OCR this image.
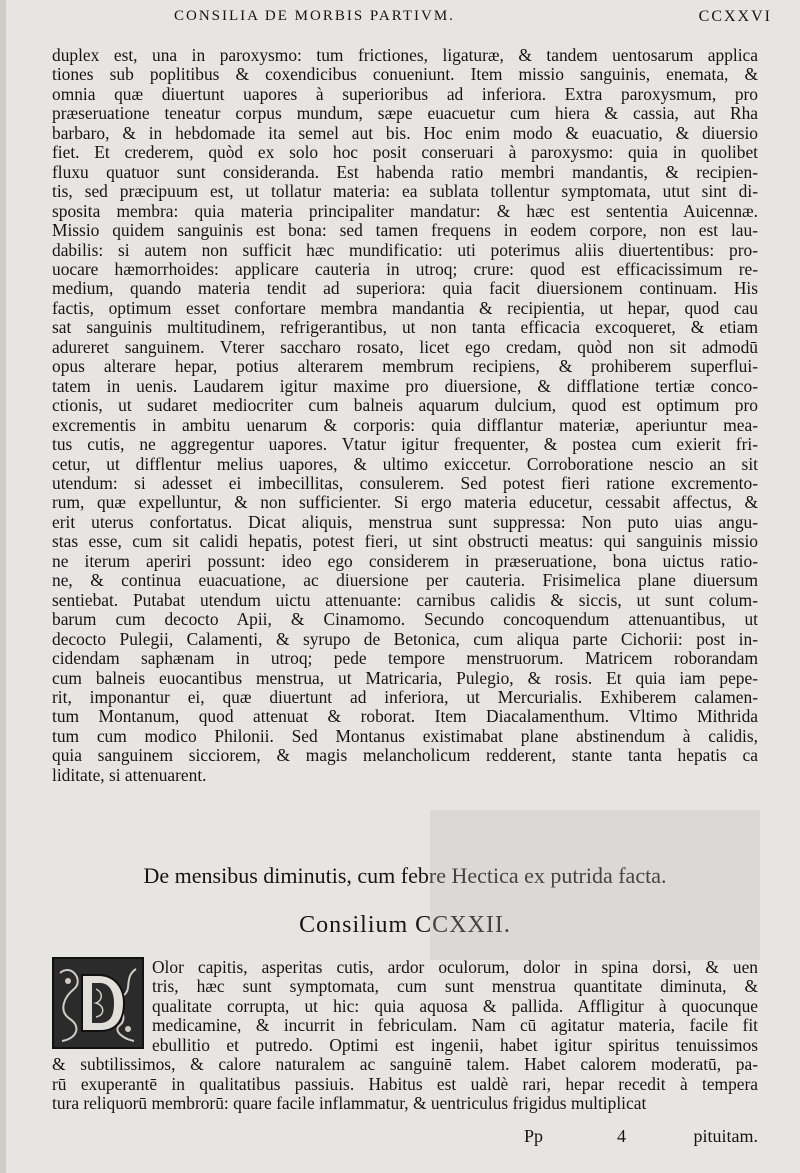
CONSILIA DE MORBIS PARTIVM.	CCXXVI
duplex est, una in paroxysmo: tum frictiones, ligaturæ, & tandem uentosarum applica
tiones sub poplitibus & coxendicibus conueniunt. Item missio sanguinis, enemata, &
omnia quæ diuertunt uapores à superioribus ad inferiora. Extra paroxysmum, pro
præseruatione teneatur corpus mundum, sæpe euacuetur cum hiera & cassia, aut Rha
barbaro, & in hebdomade ita semel aut bis. Hoc enim modo & euacuatio, & diuersio
fiet. Et crederem, quòd ex solo hoc posit conseruari à paroxysmo: quia in quolibet
fluxu quatuor sunt consideranda. Est habenda ratio membri mandantis, & recipien-
tis, sed præcipuum est, ut tollatur materia: ea sublata tollentur symptomata, utut sint di-
sposita membra: quia materia principaliter mandatur: & hæc est sententia Auicennæ.
Missio quidem sanguinis est bona: sed tamen frequens in eodem corpore, non est lau-
dabilis: si autem non sufficit hæc mundificatio: uti poterimus aliis diuertentibus: pro-
uocare hæmorrhoides: applicare cauteria in utroq; crure: quod est efficacissimum re-
medium, quando materia tendit ad superiora: quia facit diuersionem continuam. His
factis, optimum esset confortare membra mandantia & recipientia, ut hepar, quod cau
sat sanguinis multitudinem, refrigerantibus, ut non tanta efficacia excoqueret, & etiam
adureret sanguinem. Vterer saccharo rosato, licet ego credam, quòd non sit admodū
opus alterare hepar, potius alterarem membrum recipiens, & prohiberem superflui-
tatem in uenis. Laudarem igitur maxime pro diuersione, & difflatione tertiæ conco-
ctionis, ut sudaret mediocriter cum balneis aquarum dulcium, quod est optimum pro
excrementis in ambitu uenarum & corporis: quia difflantur materiæ, aperiuntur mea-
tus cutis, ne aggregentur uapores. Vtatur igitur frequenter, & postea cum exierit fri-
cetur, ut difflentur melius uapores, & ultimo exiccetur. Corroboratione nescio an sit
utendum: si adesset ei imbecillitas, consulerem. Sed potest fieri ratione excremento-
rum, quæ expelluntur, & non sufficienter. Si ergo materia educetur, cessabit affectus, &
erit uterus confortatus. Dicat aliquis, menstrua sunt suppressa: Non puto uias angu-
stas esse, cum sit calidi hepatis, potest fieri, ut sint obstructi meatus: qui sanguinis missio
ne iterum aperiri possunt: ideo ego considerem in præseruatione, bona uictus ratio-
ne, & continua euacuatione, ac diuersione per cauteria. Frisimelica plane diuersum
sentiebat. Putabat utendum uictu attenuante: carnibus calidis & siccis, ut sunt colum-
barum cum decocto Apii, & Cinamomo. Secundo concoquendum attenuantibus, ut
decocto Pulegii, Calamenti, & syrupo de Betonica, cum aliqua parte Cichorii: post in-
cidendam saphænam in utroq; pede tempore menstruorum. Matricem roborandam
cum balneis euocantibus menstrua, ut Matricaria, Pulegio, & rosis. Et quia iam pepe-
rit, imponantur ei, quæ diuertunt ad inferiora, ut Mercurialis. Exhiberem calamen-
tum Montanum, quod attenuat & roborat. Item Diacalamenthum. Vltimo Mithrida
tum cum modico Philonii. Sed Montanus existimabat plane abstinendum à calidis,
quia sanguinem sicciorem, & magis melancholicum redderent, stante tanta hepatis ca
liditate, si attenuarent.
De mensibus diminutis, cum febre Hectica ex putrida facta.
Consilium CCXXII.
Olor capitis, asperitas cutis, ardor oculorum, dolor in spina dorsi, & uen
tris, hæc sunt symptomata, cum sunt menstrua quantitate diminuta, &
qualitate corrupta, ut hic: quia aquosa & pallida. Affligitur à quocunque
medicamine, & incurrit in febriculam. Nam cū agitatur materia, facile fit
ebullitio et putredo. Optimi est ingenii, habet igitur spiritus tenuissimos
& subtilissimos, & calore naturalem ac sanguinē talem. Habet calorem moderatū, pa-
rū exuperantē in qualitatibus passiuis. Habitus est ualdè rari, hepar recedit à tempera
tura reliquorū membrorū: quare facile inflammatur, & uentriculus frigidus multiplicat
Pp	4	pituitam.
